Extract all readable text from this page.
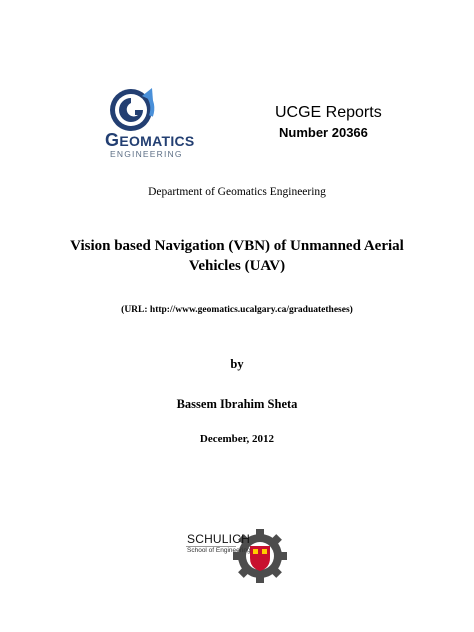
GEOMATICS
ENGINEERING
UCGE Reports
Number 20366
Department of Geomatics Engineering
Vision based Navigation (VBN) of Unmanned Aerial
Vehicles (UAV)
(URL: http://www.geomatics.ucalgary.ca/graduatetheses)
by
Bassem Ibrahim Sheta
December, 2012
SCHULICH
School of Engineering
